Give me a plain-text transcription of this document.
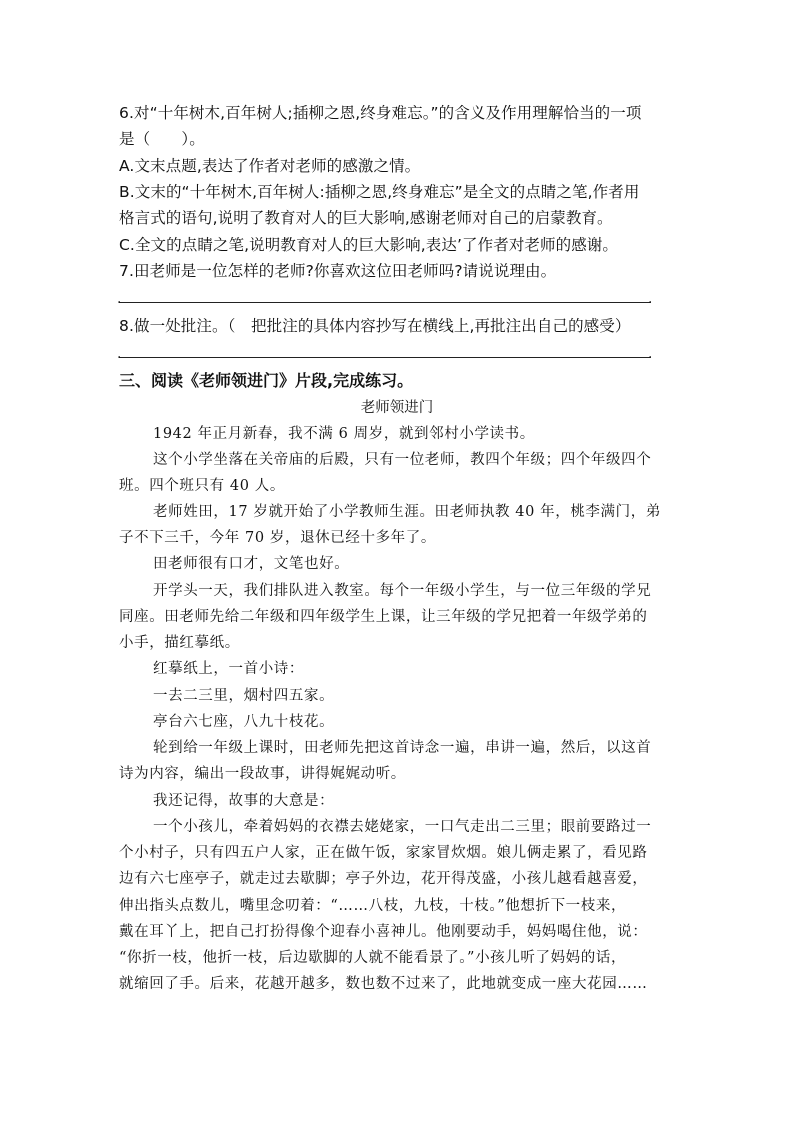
6.对“十年树木,百年树人;插柳之恩,终身难忘。”的含义及作用理解恰当的一项
是（　　）。
A.文末点题,表达了作者对老师的感激之情。
B.文末的“十年树木,百年树人:插柳之恩,终身难忘”是全文的点睛之笔,作者用
格言式的语句,说明了教育对人的巨大影响,感谢老师对自己的启蒙教育。
C.全文的点睛之笔,说明教育对人的巨大影响,表达’了作者对老师的感谢。
7.田老师是一位怎样的老师?你喜欢这位田老师吗?请说说理由。
.	.
8.做一处批注。（　把批注的具体内容抄写在横线上,再批注出自己的感受）
.	.
三、阅读《老师领进门》片段,完成练习。
老师领进门
1942 年正月新春，我不满 6 周岁，就到邻村小学读书。
这个小学坐落在关帝庙的后殿，只有一位老师，教四个年级；四个年级四个
班。四个班只有 40 人。
老师姓田，17 岁就开始了小学教师生涯。田老师执教 40 年，桃李满门，弟
子不下三千，今年 70 岁，退休已经十多年了。
田老师很有口才，文笔也好。
开学头一天，我们排队进入教室。每个一年级小学生，与一位三年级的学兄
同座。田老师先给二年级和四年级学生上课，让三年级的学兄把着一年级学弟的
小手，描红摹纸。
红摹纸上，一首小诗：
一去二三里，烟村四五家。
亭台六七座，八九十枝花。
轮到给一年级上课时，田老师先把这首诗念一遍，串讲一遍，然后，以这首
诗为内容，编出一段故事，讲得娓娓动听。
我还记得，故事的大意是：
一个小孩儿，牵着妈妈的衣襟去姥姥家，一口气走出二三里；眼前要路过一
个小村子，只有四五户人家，正在做午饭，家家冒炊烟。娘儿俩走累了，看见路
边有六七座亭子，就走过去歇脚；亭子外边，花开得茂盛，小孩儿越看越喜爱，
伸出指头点数儿，嘴里念叨着：“……八枝，九枝，十枝。”他想折下一枝来，
戴在耳丫上，把自己打扮得像个迎春小喜神儿。他刚要动手，妈妈喝住他，说：
“你折一枝，他折一枝，后边歇脚的人就不能看景了。”小孩儿听了妈妈的话，
就缩回了手。后来，花越开越多，数也数不过来了，此地就变成一座大花园……
